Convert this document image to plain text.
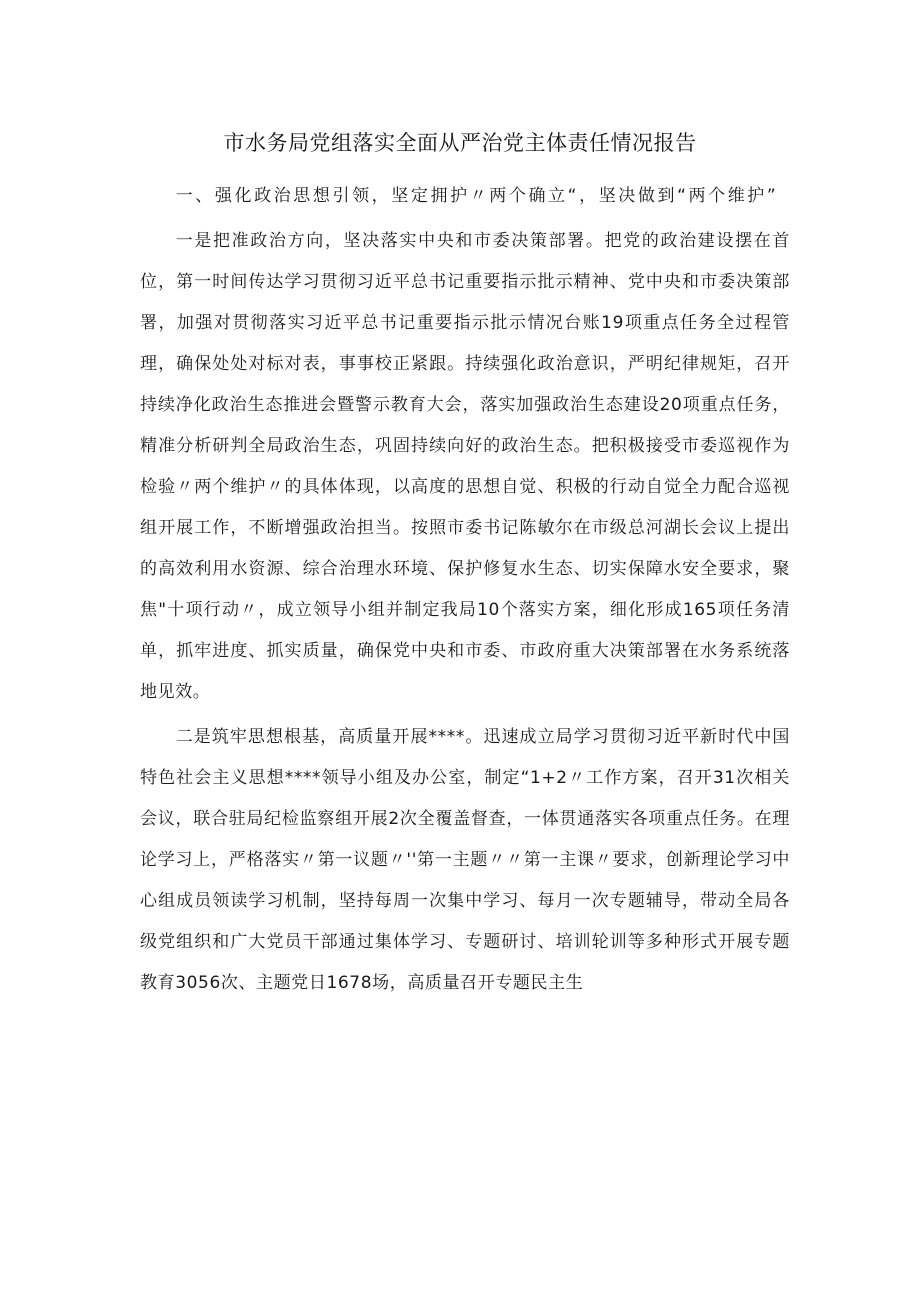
市水务局党组落实全面从严治党主体责任情况报告

一、强化政治思想引领，坚定拥护〃两个确立“，坚决做到“两个维护”

一是把准政治方向，坚决落实中央和市委决策部署。把党的政治建设摆在首位，第一时间传达学习贯彻习近平总书记重要指示批示精神、党中央和市委决策部署，加强对贯彻落实习近平总书记重要指示批示情况台账19项重点任务全过程管理，确保处处对标对表，事事校正紧跟。持续强化政治意识，严明纪律规矩，召开持续净化政治生态推进会暨警示教育大会，落实加强政治生态建设20项重点任务，精准分析研判全局政治生态，巩固持续向好的政治生态。把积极接受市委巡视作为检验〃两个维护〃的具体体现，以高度的思想自觉、积极的行动自觉全力配合巡视组开展工作，不断增强政治担当。按照市委书记陈敏尔在市级总河湖长会议上提出的高效利用水资源、综合治理水环境、保护修复水生态、切实保障水安全要求，聚焦"十项行动〃，成立领导小组并制定我局10个落实方案，细化形成165项任务清单，抓牢进度、抓实质量，确保党中央和市委、市政府重大决策部署在水务系统落地见效。

二是筑牢思想根基，高质量开展****。迅速成立局学习贯彻习近平新时代中国特色社会主义思想****领导小组及办公室，制定“1+2〃工作方案，召开31次相关会议，联合驻局纪检监察组开展2次全覆盖督查，一体贯通落实各项重点任务。在理论学习上，严格落实〃第一议题〃''第一主题〃〃第一主课〃要求，创新理论学习中心组成员领读学习机制，坚持每周一次集中学习、每月一次专题辅导，带动全局各级党组织和广大党员干部通过集体学习、专题研讨、培训轮训等多种形式开展专题教育3056次、主题党日1678场，高质量召开专题民主生
